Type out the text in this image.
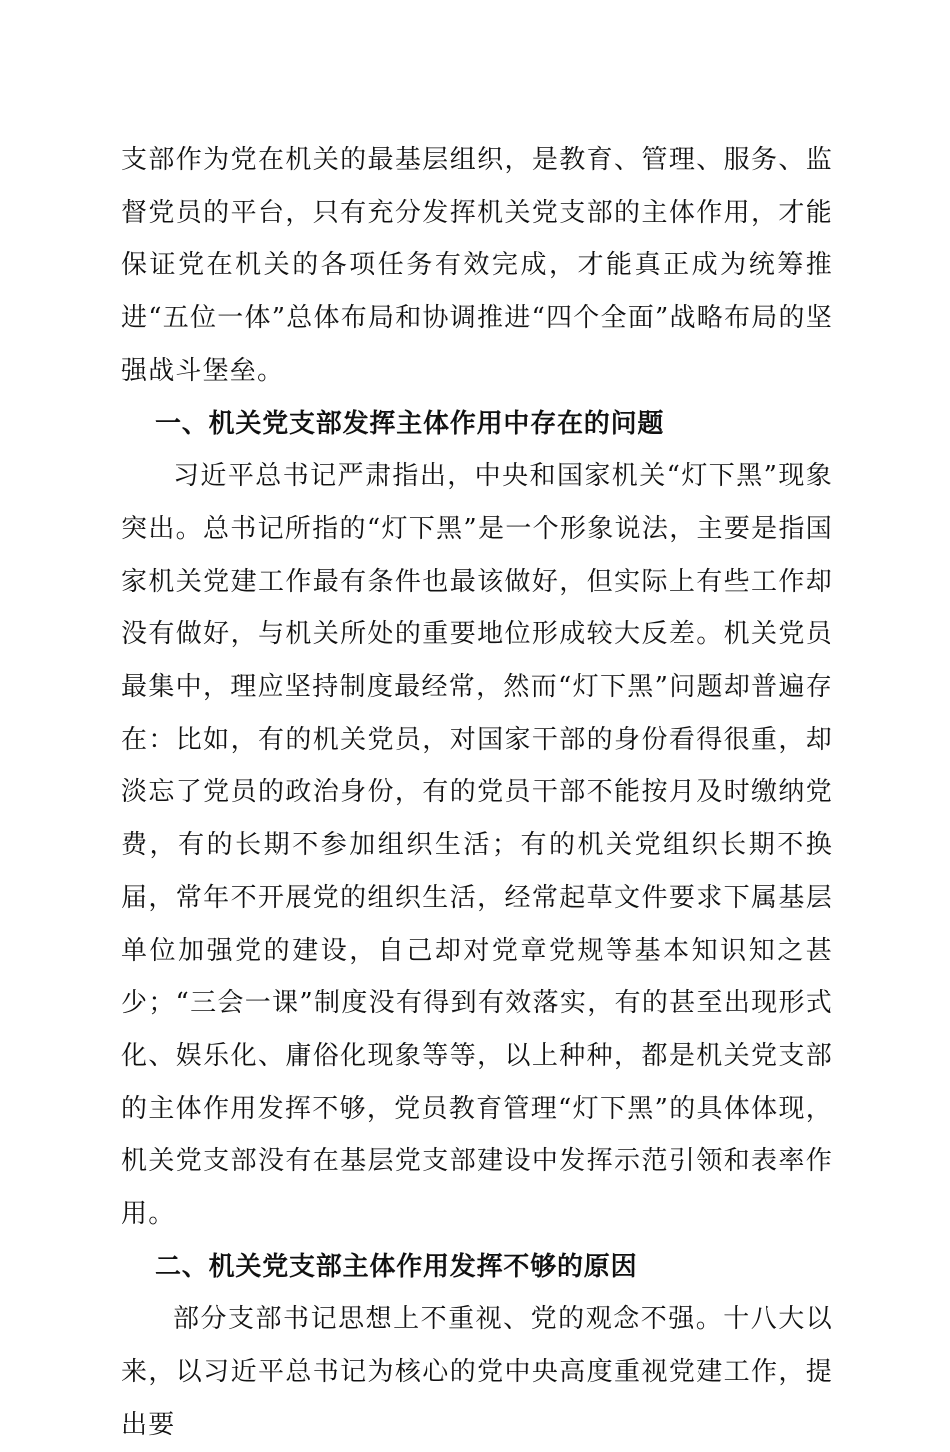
支部作为党在机关的最基层组织，是教育、管理、服务、监督党员的平台，只有充分发挥机关党支部的主体作用，才能保证党在机关的各项任务有效完成，才能真正成为统筹推进“五位一体”总体布局和协调推进“四个全面”战略布局的坚强战斗堡垒。

一、机关党支部发挥主体作用中存在的问题

习近平总书记严肃指出，中央和国家机关“灯下黑”现象突出。总书记所指的“灯下黑”是一个形象说法，主要是指国家机关党建工作最有条件也最该做好，但实际上有些工作却没有做好，与机关所处的重要地位形成较大反差。机关党员最集中，理应坚持制度最经常，然而“灯下黑”问题却普遍存在：比如，有的机关党员，对国家干部的身份看得很重，却淡忘了党员的政治身份，有的党员干部不能按月及时缴纳党费，有的长期不参加组织生活；有的机关党组织长期不换届，常年不开展党的组织生活，经常起草文件要求下属基层单位加强党的建设，自己却对党章党规等基本知识知之甚少；“三会一课”制度没有得到有效落实，有的甚至出现形式化、娱乐化、庸俗化现象等等，以上种种，都是机关党支部的主体作用发挥不够，党员教育管理“灯下黑”的具体体现，机关党支部没有在基层党支部建设中发挥示范引领和表率作用。

二、机关党支部主体作用发挥不够的原因

部分支部书记思想上不重视、党的观念不强。十八大以来，以习近平总书记为核心的党中央高度重视党建工作，提出要
